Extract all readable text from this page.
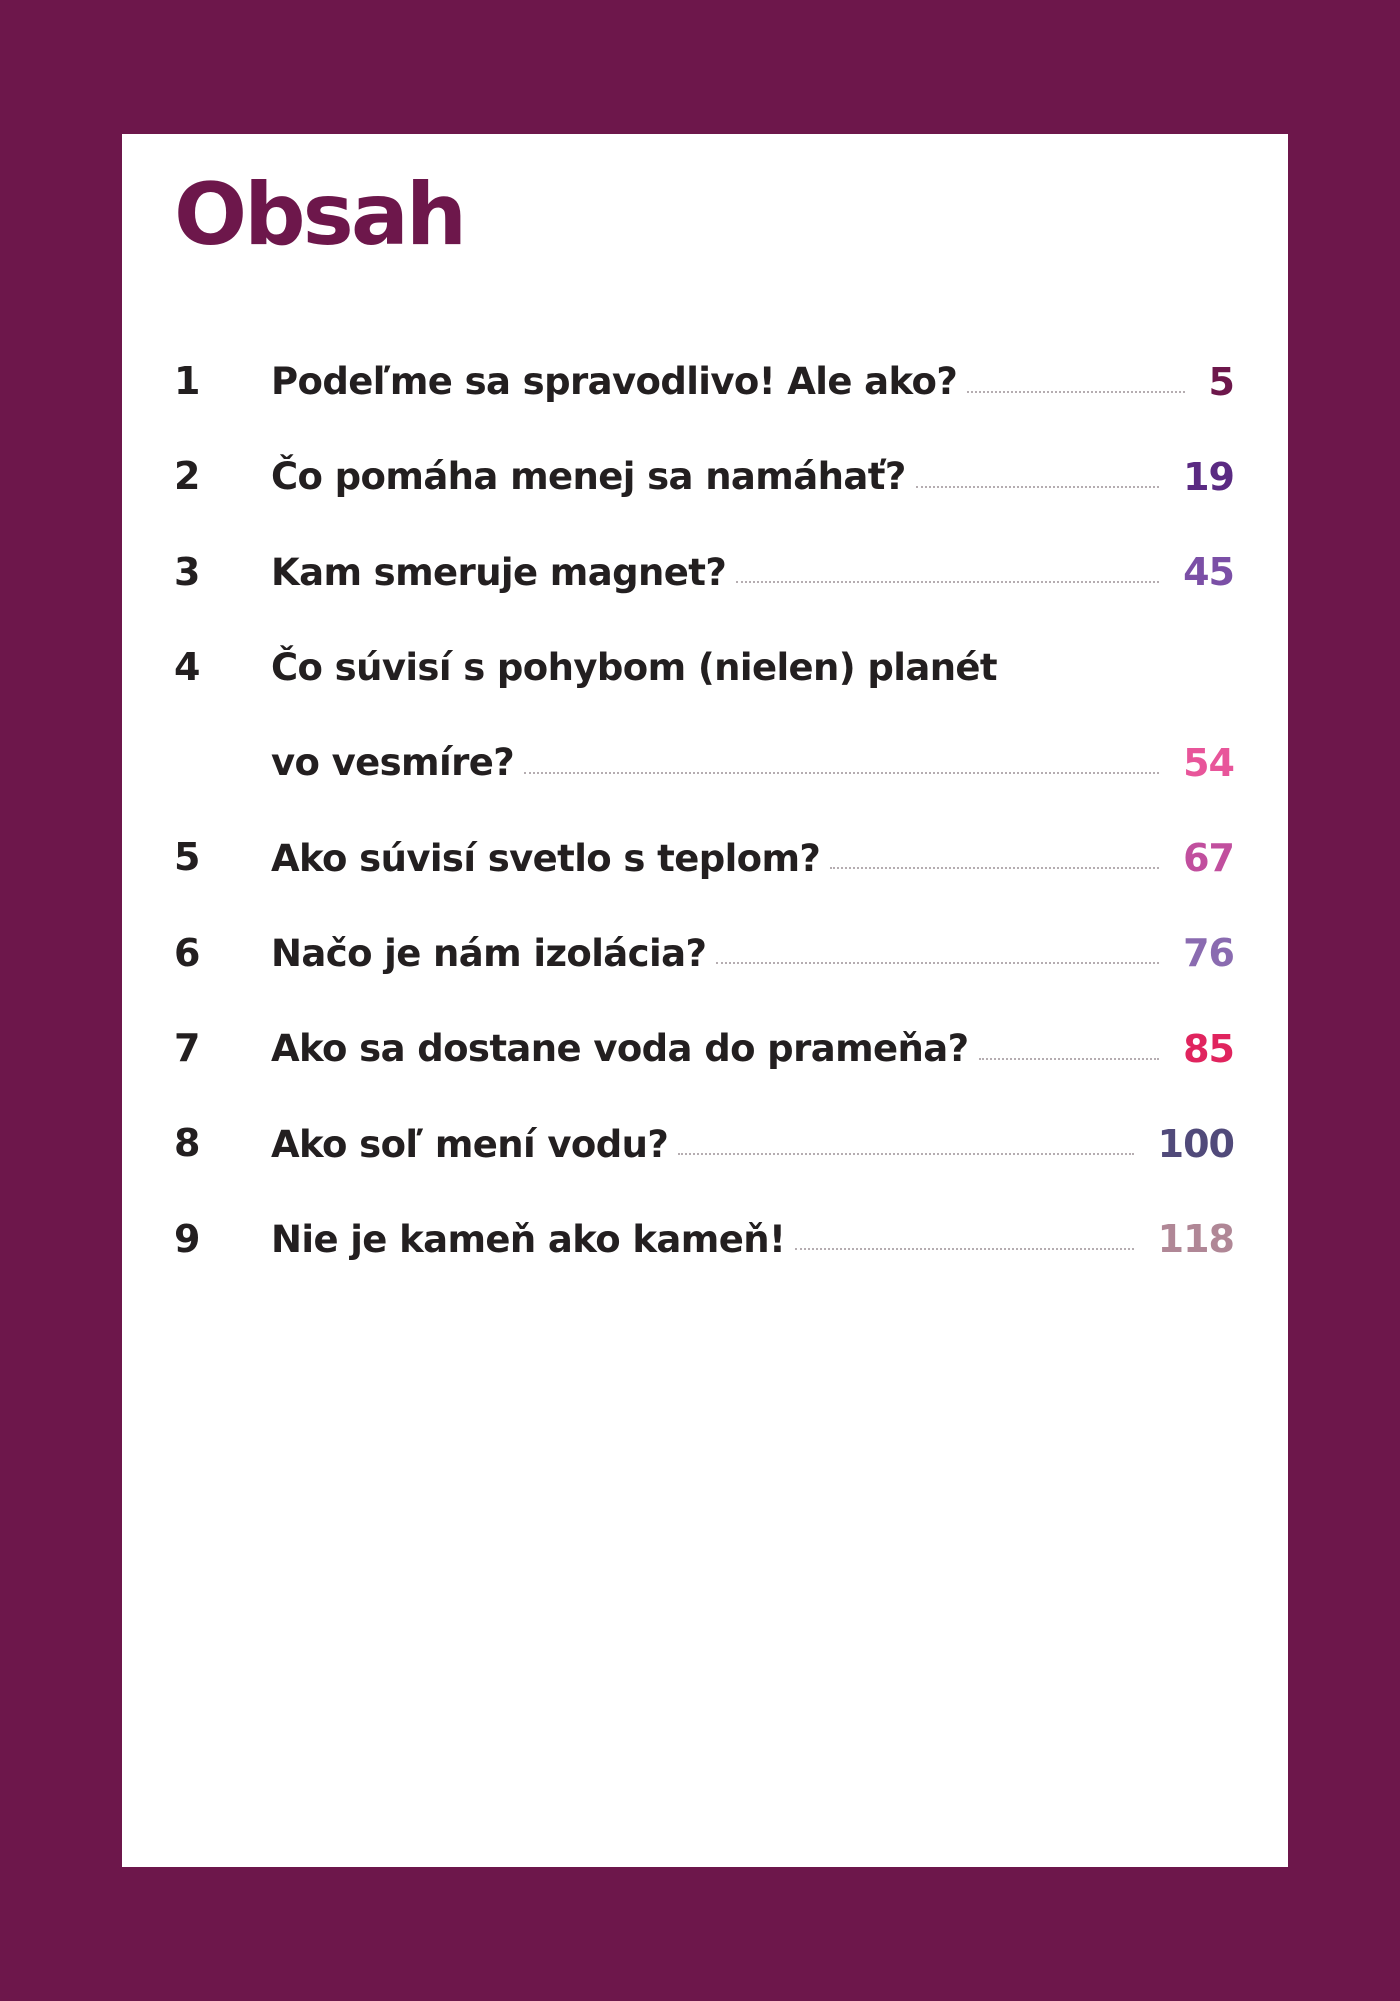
Obsah
1 Podeľme sa spravodlivo! Ale ako?	5
2 Čo pomáha menej sa namáhať?	19
3 Kam smeruje magnet?	45
4 Čo súvisí s pohybom (nielen) planét
vo vesmíre?	54
5 Ako súvisí svetlo s teplom?	67
6 Načo je nám izolácia?	76
7 Ako sa dostane voda do prameňa?	85
8 Ako soľ mení vodu?	100
9 Nie je kameň ako kameň!	118
